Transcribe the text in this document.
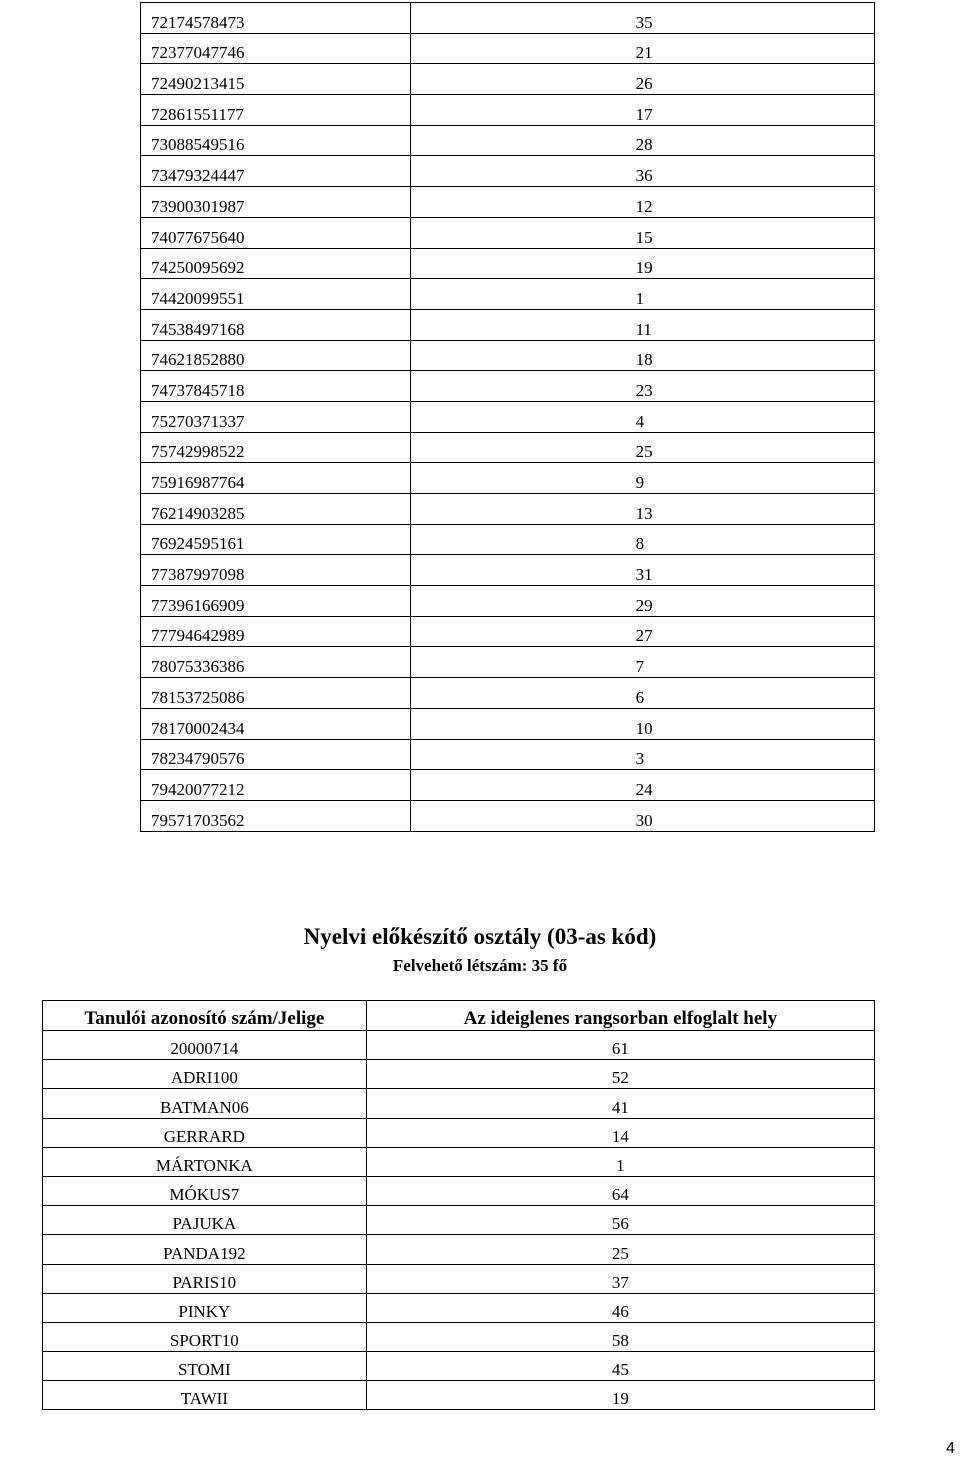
72174578473	35
72377047746	21
72490213415	26
72861551177	17
73088549516	28
73479324447	36
73900301987	12
74077675640	15
74250095692	19
74420099551	1
74538497168	11
74621852880	18
74737845718	23
75270371337	4
75742998522	25
75916987764	9
76214903285	13
76924595161	8
77387997098	31
77396166909	29
77794642989	27
78075336386	7
78153725086	6
78170002434	10
78234790576	3
79420077212	24
79571703562	30
Nyelvi előkészítő osztály (03-as kód)
Felvehető létszám: 35 fő
Tanulói azonosító szám/Jelige	Az ideiglenes rangsorban elfoglalt hely
20000714	61
ADRI100	52
BATMAN06	41
GERRARD	14
MÁRTONKA	1
MÓKUS7	64
PAJUKA	56
PANDA192	25
PARIS10	37
PINKY	46
SPORT10	58
STOMI	45
TAWII	19
4
